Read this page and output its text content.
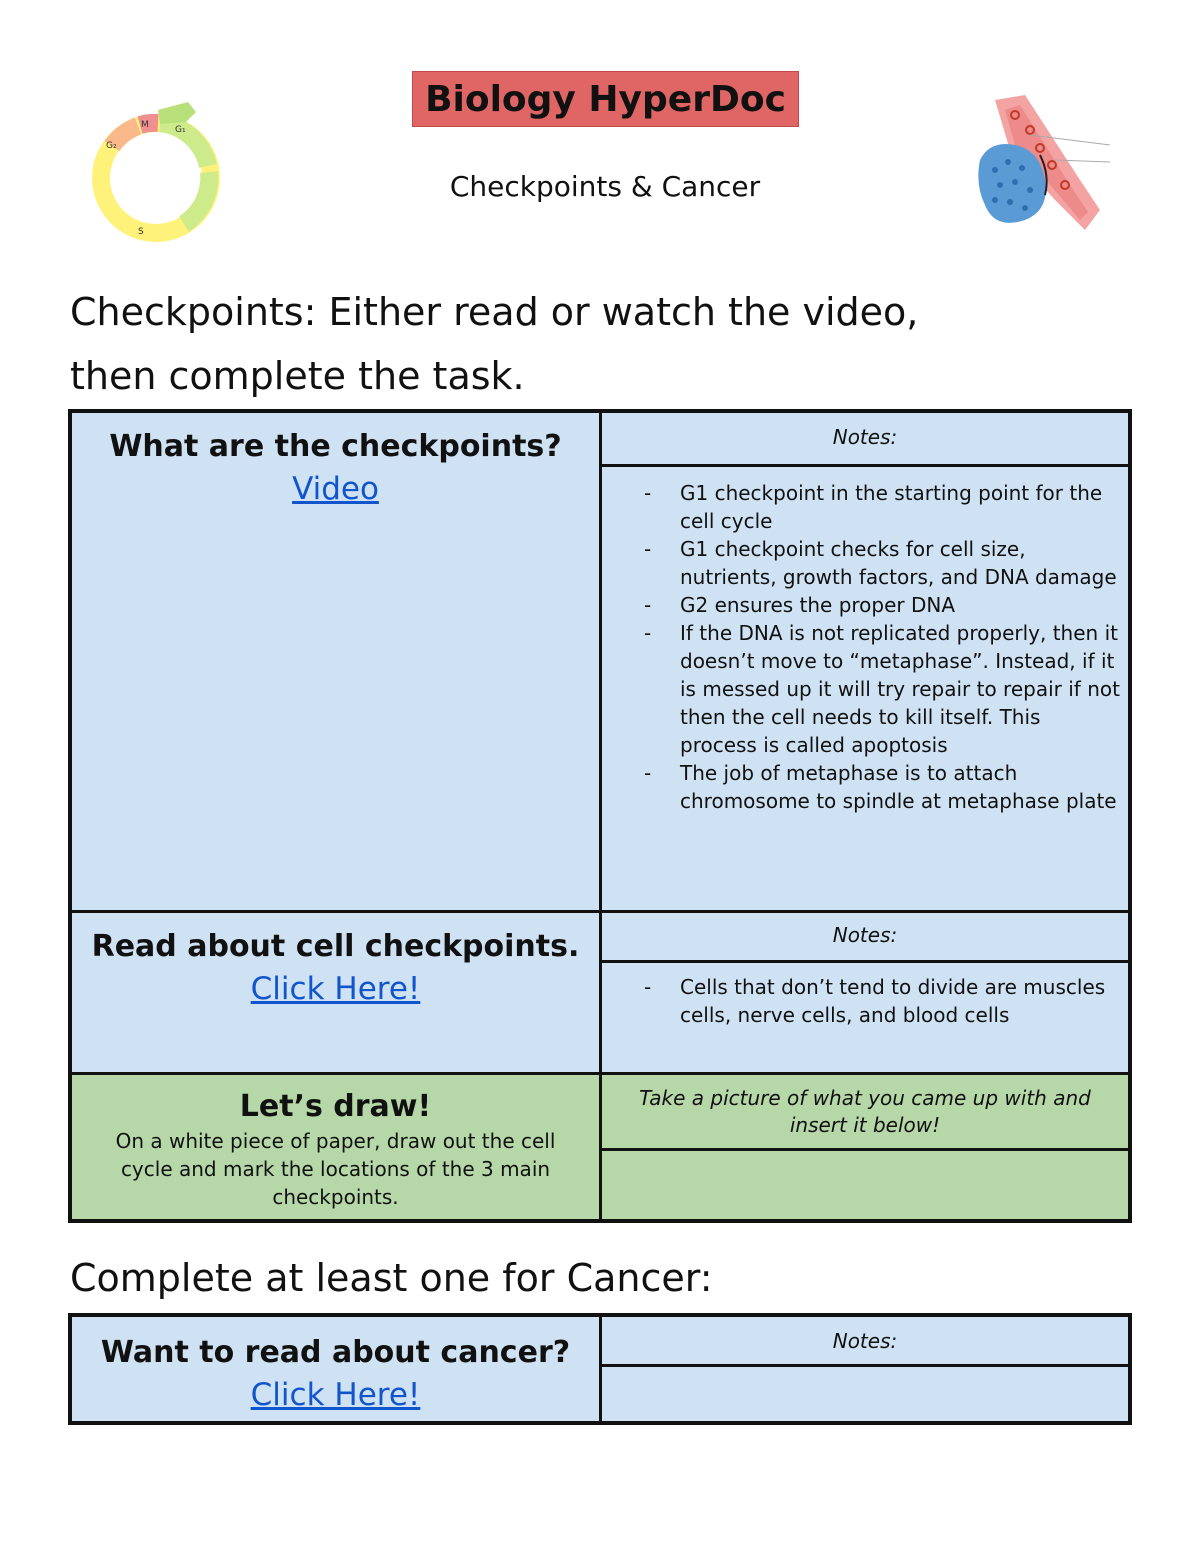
Biology HyperDoc
M	G₁
G₂
S
Checkpoints & Cancer
Checkpoints: Either read or watch the video,
then complete the task.
What are the checkpoints?
Video
Notes:
- G1 checkpoint in the starting point for the cell cycle
- G1 checkpoint checks for cell size, nutrients, growth factors, and DNA damage
- G2 ensures the proper DNA
- If the DNA is not replicated properly, then it doesn’t move to “metaphase”. Instead, if it is messed up it will try repair to repair if not then the cell needs to kill itself. This process is called apoptosis
- The job of metaphase is to attach chromosome to spindle at metaphase plate
Read about cell checkpoints.
Click Here!
Notes:
- Cells that don’t tend to divide are muscles cells, nerve cells, and blood cells
Let’s draw!
On a white piece of paper, draw out the cell cycle and mark the locations of the 3 main checkpoints.
Take a picture of what you came up with and insert it below!
Complete at least one for Cancer:
Want to read about cancer?
Click Here!
Notes:
